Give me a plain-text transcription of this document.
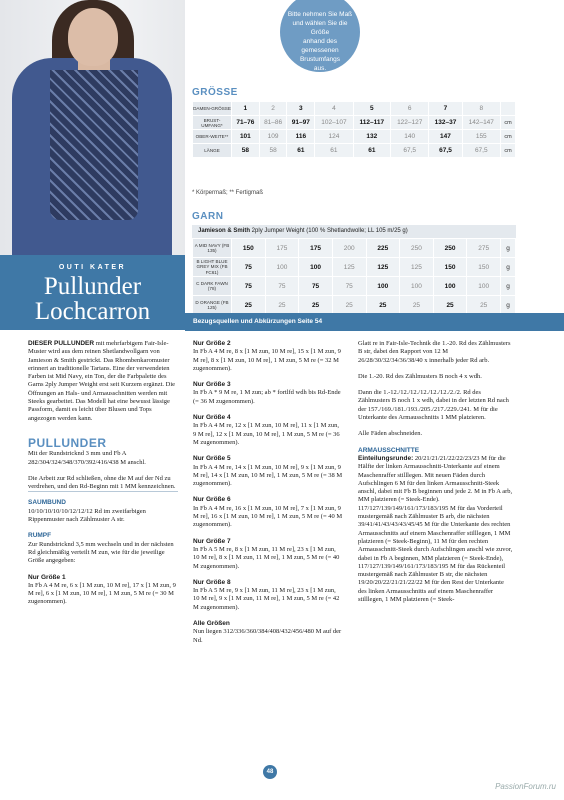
OUTI KATER
Pullunder
Lochcarron
Bitte nehmen Sie Maß
und wählen Sie die Größe
anhand des gemessenen
Brustumfangs
aus.
GRÖSSE
DAMEN-GRÖSSE	1	2	3	4	5	6	7	8	
BRUST-UMFANG*	71–76	81–86	91–97	102–107	112–117	122–127	132–37	142–147	cm
OBER-WEITE**	101	109	116	124	132	140	147	155	cm
LÄNGE	58	58	61	61	61	67,5	67,5	67,5	cm
* Körpermaß; ** Fertigmaß
GARN
Jamieson & Smith 2ply Jumper Weight (100 % Shetlandwolle; LL 105 m/25 g)
A MID NAVY (FB 135)	150	175	175	200	225	250	250	275	g
B LIGHT BLUE GREY MIX (FB FC61)	75	100	100	125	125	125	150	150	g
C DARK FAWN (78)	75	75	75	75	100	100	100	100	g
D ORANGE (FB 125)	25	25	25	25	25	25	25	25	g
Bezugsquellen und Abkürzungen Seite 54

DIESER PULLUNDER mit mehrfarbigem Fair-Isle-Muster wird aus dem reinen Shetlandwollgarn von Jamieson & Smith gestrickt. Das Rhombenkaromuster erinnert an traditionelle Tartans. Eine der verwendeten Farben ist Mid Navy, ein Ton, der die Farbpalette des Garns 2ply Jumper Weight erst seit Kurzem ergänzt. Die Öffnungen an Hals- und Armausschnitten werden mit Steeks gearbeitet. Das Modell hat eine bewusst lässige Passform, damit es leicht über Blusen und Tops angezogen werden kann.

PULLUNDER

Mit der Rundstricknd 3 mm und Fb A 282/304/324/348/370/392/416/438 M anschl.

Die Arbeit zur Rd schließen, ohne die M auf der Nd zu verdrehen, und den Rd-Beginn mit 1 MM kennzeichnen.

SAUMBUND

10/10/10/10/10/12/12/12 Rd im zweifarbigen Rippenmuster nach Zählmuster A str.

RUMPF

Zur Rundstricknd 3,5 mm wechseln und in der nächsten Rd gleichmäßig verteilt M zun, wie für die jeweilige Größe angegeben:

Nur Größe 1

In Fb A 4 M re, 6 x [1 M zun, 10 M re], 17 x [1 M zun, 9 M re], 6 x [1 M zun, 10 M re], 1 M zun, 5 M re (= 30 M zugenommen).

Nur Größe 2

In Fb A 4 M re, 8 x [1 M zun, 10 M re], 15 x [1 M zun, 9 M re], 8 x [1 M zun, 10 M re], 1 M zun, 5 M re (= 32 M zugenommen).

Nur Größe 3

In Fb A * 9 M re, 1 M zun; ab * fortlfd wdh bis Rd-Ende (= 36 M zugenommen).

Nur Größe 4

In Fb A 4 M re, 12 x [1 M zun, 10 M re], 11 x [1 M zun, 9 M re], 12 x [1 M zun, 10 M re], 1 M zun, 5 M re (= 36 M zugenommen).

Nur Größe 5

In Fb A 4 M re, 14 x [1 M zun, 10 M re], 9 x [1 M zun, 9 M re], 14 x [1 M zun, 10 M re], 1 M zun, 5 M re (= 38 M zugenommen).

Nur Größe 6

In Fb A 4 M re, 16 x [1 M zun, 10 M re], 7 x [1 M zun, 9 M re], 16 x [1 M zun, 10 M re], 1 M zun, 5 M re (= 40 M zugenommen).

Nur Größe 7

In Fb A 5 M re, 8 x [1 M zun, 11 M re], 23 x [1 M zun, 10 M re], 8 x [1 M zun, 11 M re], 1 M zun, 5 M re (= 40 M zugenommen).

Nur Größe 8

In Fb A 5 M re, 9 x [1 M zun, 11 M re], 23 x [1 M zun, 10 M re], 9 x [1 M zun, 11 M re], 1 M zun, 5 M re (= 42 M zugenommen).

Alle Größen

Nun liegen 312/336/360/384/408/432/456/480 M auf der Nd.

Glatt re in Fair-Isle-Technik die 1.-20. Rd des Zählmusters B str, dabei den Rapport von 12 M 26/28/30/32/34/36/38/40 x innerhalb jeder Rd arb.

Die 1.-20. Rd des Zählmusters B noch 4 x wdh.

Dann die 1.-12./12./12./12./12./12./2./2. Rd des Zählmusters B noch 1 x wdh, dabei in der letzten Rd nach der 157./169./181./193./205./217./229./241. M für die Unterkante des Armausschnitts 1 MM platzieren.

Alle Fäden abschneiden.

ARMAUSSCHNITTE

Einteilungsrunde: 20/21/21/21/22/22/23/23 M für die Hälfte der linken Armausschnitt-Unterkante auf einem Maschenraffer stilllegen. Mit neuen Fäden durch Aufschlingen 6 M für den linken Armausschnitt-Steek anschl, dabei mit Fb B beginnen und jede 2. M in Fb A arb, MM platzieren (= Steek-Ende). 117/127/139/149/161/173/183/195 M für das Vorderteil mustergemäß nach Zählmuster B arb, die nächsten 39/41/41/43/43/43/45/45 M für die Unterkante des rechten Armausschnitts auf einem Maschenraffer stilllegen, 1 MM platzieren (= Steek-Beginn), 11 M für den rechten Armausschnitt-Steek durch Aufschlingen anschl wie zuvor, dabei in Fb A beginnen, MM platzieren (= Steek-Ende), 117/127/139/149/161/173/183/195 M für das Rückenteil mustergemäß nach Zählmuster B str, die nächsten 19/20/20/22/21/21/22/22 M für den Rest der Unterkante des linken Armausschnitts auf einem Maschenraffer stilllegen, 1 MM platzieren (= Steek-

48
PassionForum.ru
